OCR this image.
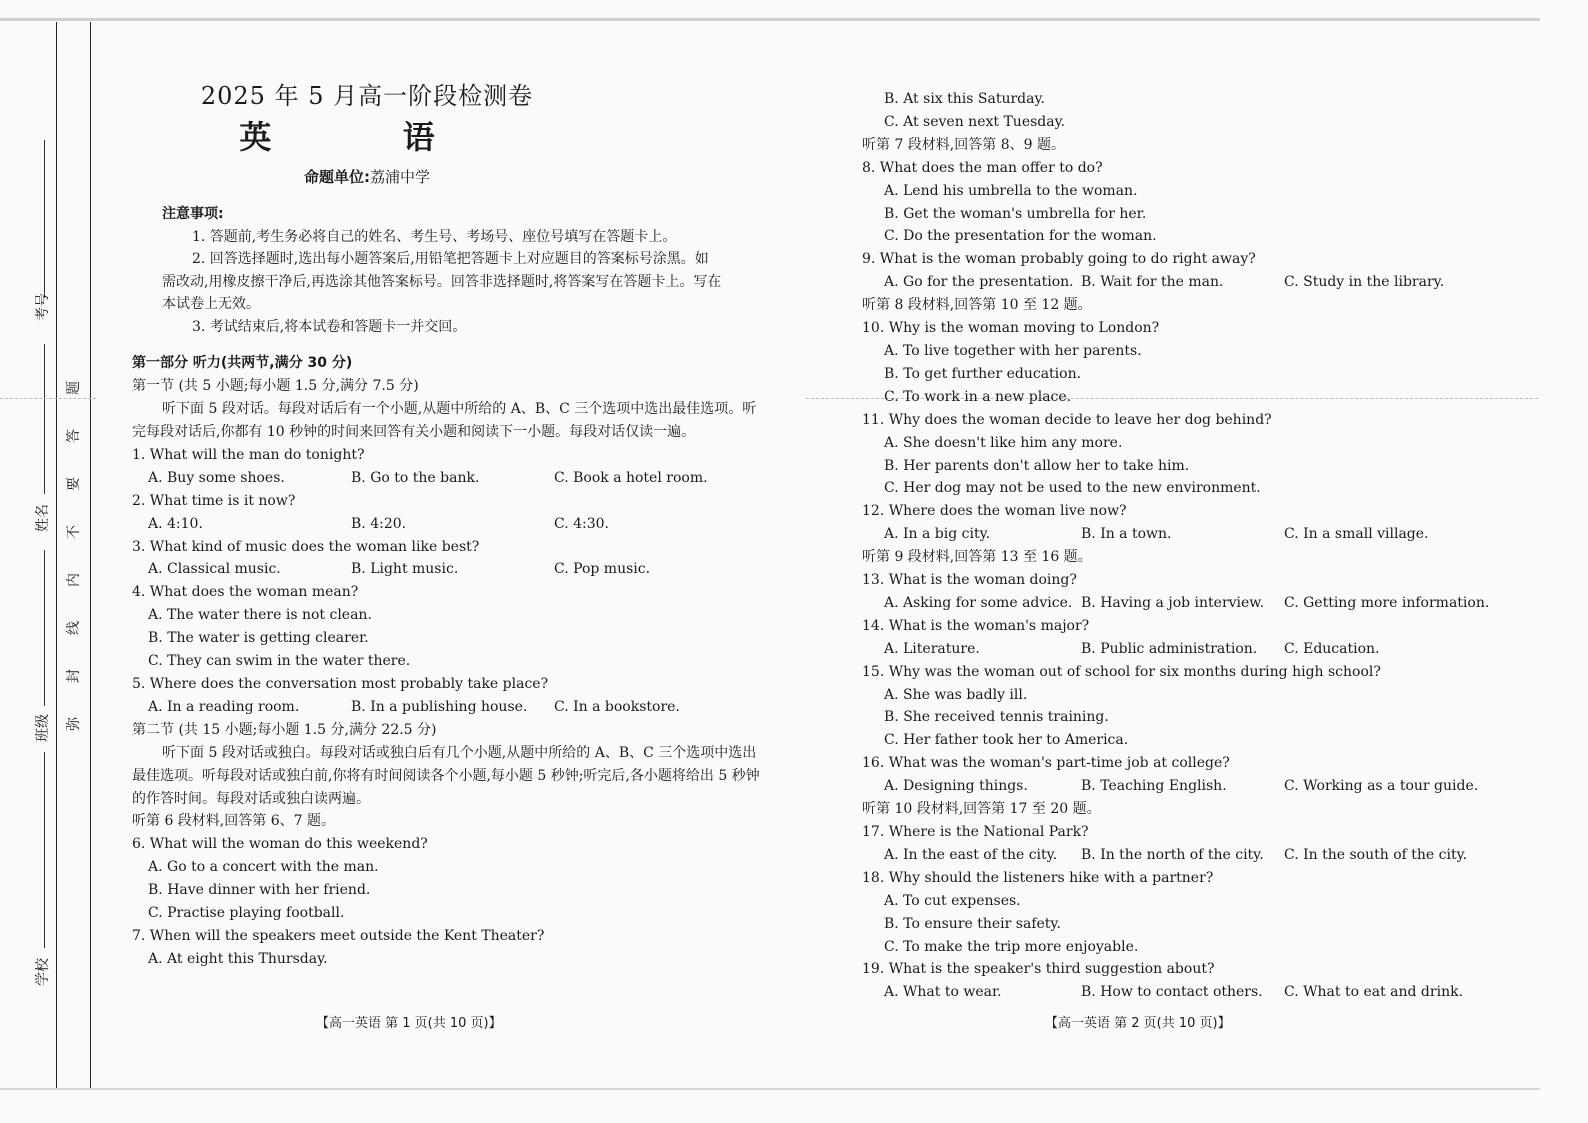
考号
姓名
班级
学校
题
答
要
不
内
线
封
弥
2025 年 5 月高一阶段检测卷
英 语
命题单位:荔浦中学
注意事项:

1. 答题前,考生务必将自己的姓名、考生号、考场号、座位号填写在答题卡上。

2. 回答选择题时,选出每小题答案后,用铅笔把答题卡上对应题目的答案标号涂黑。如需改动,用橡皮擦干净后,再选涂其他答案标号。回答非选择题时,将答案写在答题卡上。写在本试卷上无效。

3. 考试结束后,将本试卷和答题卡一并交回。

第一部分 听力(共两节,满分 30 分)

第一节 (共 5 小题;每小题 1.5 分,满分 7.5 分)

听下面 5 段对话。每段对话后有一个小题,从题中所给的 A、B、C 三个选项中选出最佳选项。听完每段对话后,你都有 10 秒钟的时间来回答有关小题和阅读下一小题。每段对话仅读一遍。

1. What will the man do tonight?

A. Buy some shoes.	B. Go to the bank.	C. Book a hotel room.

2. What time is it now?

A. 4:10.	B. 4:20.	C. 4:30.

3. What kind of music does the woman like best?

A. Classical music.	B. Light music.	C. Pop music.

4. What does the woman mean?

A. The water there is not clean.

B. The water is getting clearer.

C. They can swim in the water there.

5. Where does the conversation most probably take place?

A. In a reading room.	B. In a publishing house.	C. In a bookstore.

第二节 (共 15 小题;每小题 1.5 分,满分 22.5 分)

听下面 5 段对话或独白。每段对话或独白后有几个小题,从题中所给的 A、B、C 三个选项中选出最佳选项。听每段对话或独白前,你将有时间阅读各个小题,每小题 5 秒钟;听完后,各小题将给出 5 秒钟的作答时间。每段对话或独白读两遍。

听第 6 段材料,回答第 6、7 题。

6. What will the woman do this weekend?

A. Go to a concert with the man.

B. Have dinner with her friend.

C. Practise playing football.

7. When will the speakers meet outside the Kent Theater?

A. At eight this Thursday.

B. At six this Saturday.

C. At seven next Tuesday.

听第 7 段材料,回答第 8、9 题。

8. What does the man offer to do?

A. Lend his umbrella to the woman.

B. Get the woman's umbrella for her.

C. Do the presentation for the woman.

9. What is the woman probably going to do right away?

A. Go for the presentation. B. Wait for the man.	C. Study in the library.

听第 8 段材料,回答第 10 至 12 题。

10. Why is the woman moving to London?

A. To live together with her parents.

B. To get further education.

C. To work in a new place.

11. Why does the woman decide to leave her dog behind?

A. She doesn't like him any more.

B. Her parents don't allow her to take him.

C. Her dog may not be used to the new environment.

12. Where does the woman live now?

A. In a big city.	B. In a town.	C. In a small village.

听第 9 段材料,回答第 13 至 16 题。

13. What is the woman doing?

A. Asking for some advice. B. Having a job interview.	C. Getting more information.

14. What is the woman's major?

A. Literature.	B. Public administration.	C. Education.

15. Why was the woman out of school for six months during high school?

A. She was badly ill.

B. She received tennis training.

C. Her father took her to America.

16. What was the woman's part-time job at college?

A. Designing things.	B. Teaching English.	C. Working as a tour guide.

听第 10 段材料,回答第 17 至 20 题。

17. Where is the National Park?

A. In the east of the city.	B. In the north of the city.	C. In the south of the city.

18. Why should the listeners hike with a partner?

A. To cut expenses.

B. To ensure their safety.

C. To make the trip more enjoyable.

19. What is the speaker's third suggestion about?

A. What to wear.	B. How to contact others.	C. What to eat and drink.
【高一英语 第 1 页(共 10 页)】	【高一英语 第 2 页(共 10 页)】
